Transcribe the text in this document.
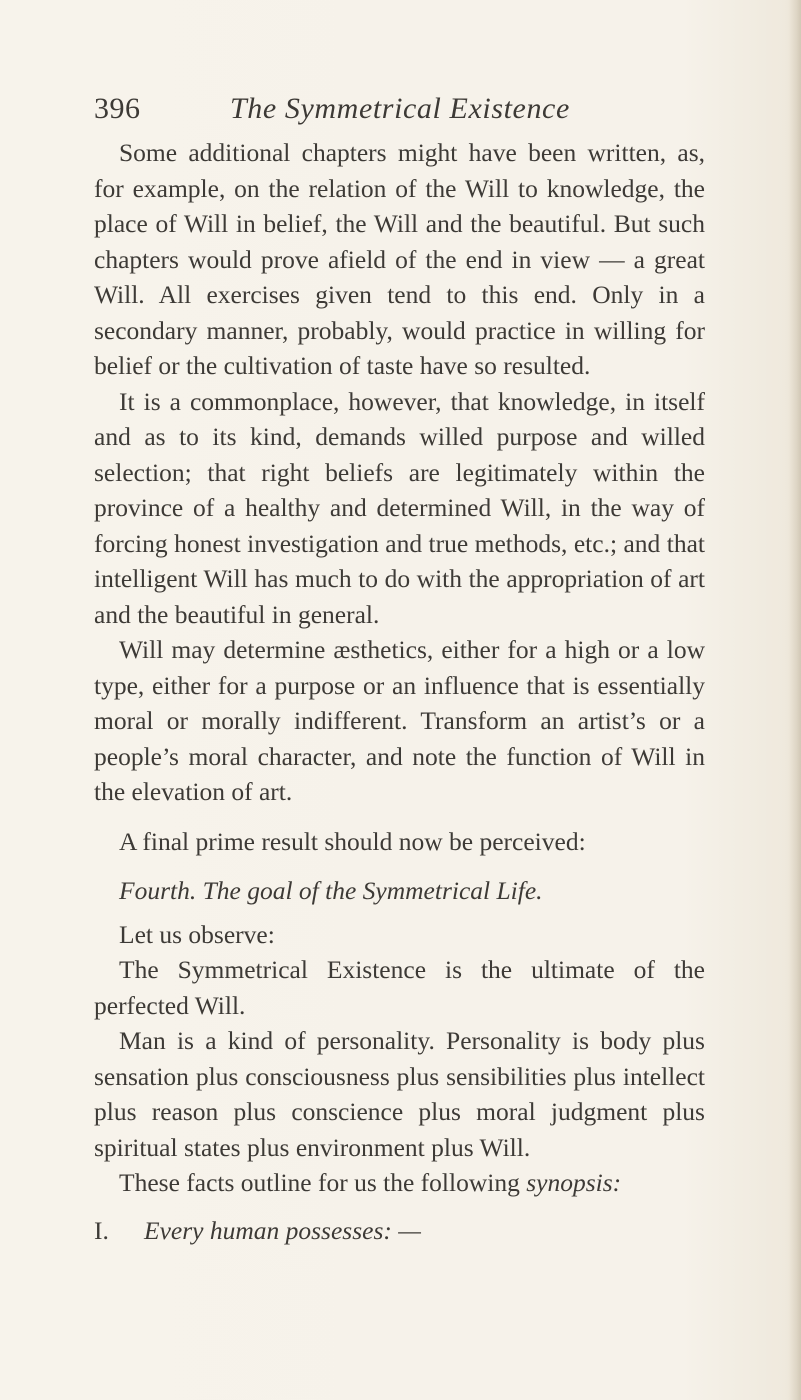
396	The Symmetrical Existence

Some additional chapters might have been written, as, for example, on the relation of the Will to knowledge, the place of Will in belief, the Will and the beautiful. But such chapters would prove afield of the end in view — a great Will. All exercises given tend to this end. Only in a secondary manner, probably, would practice in willing for belief or the cultivation of taste have so resulted.

It is a commonplace, however, that knowledge, in itself and as to its kind, demands willed purpose and willed selection; that right beliefs are legitimately within the province of a healthy and determined Will, in the way of forcing honest investigation and true methods, etc.; and that intelligent Will has much to do with the appropriation of art and the beautiful in general.

Will may determine æsthetics, either for a high or a low type, either for a purpose or an influence that is essentially moral or morally indifferent. Transform an artist’s or a people’s moral character, and note the function of Will in the elevation of art.

A final prime result should now be perceived:

Fourth. The goal of the Symmetrical Life.

Let us observe:

The Symmetrical Existence is the ultimate of the perfected Will.

Man is a kind of personality. Personality is body plus sensation plus consciousness plus sensibilities plus intellect plus reason plus conscience plus moral judgment plus spiritual states plus environment plus Will.

These facts outline for us the following synopsis:

I. Every human possesses: —
